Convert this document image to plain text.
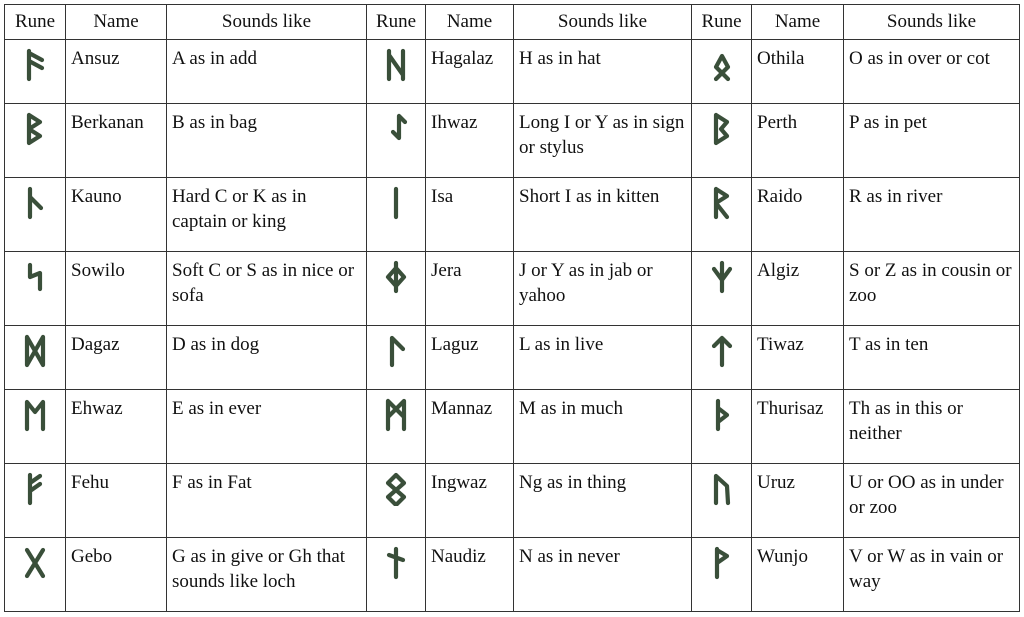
Rune	Name	Sounds like	Rune	Name	Sounds like	Rune	Name	Sounds like
	Ansuz	A as in add		Hagalaz	H as in hat		Othila	O as in over or cot
	Berkanan	B as in bag		Ihwaz	Long I or Y as in sign or stylus		Perth	P as in pet
	Kauno	Hard C or K as in captain or king		Isa	Short I as in kitten		Raido	R as in river
	Sowilo	Soft C or S as in nice or sofa		Jera	J or Y as in jab or yahoo		Algiz	S or Z as in cousin or zoo
	Dagaz	D as in dog		Laguz	L as in live		Tiwaz	T as in ten
	Ehwaz	E as in ever		Mannaz	M as in much		Thurisaz	Th as in this or neither
	Fehu	F as in Fat		Ingwaz	Ng as in thing		Uruz	U or OO as in under or zoo
	Gebo	G as in give or Gh that sounds like loch		Naudiz	N as in never		Wunjo	V or W as in vain or way
